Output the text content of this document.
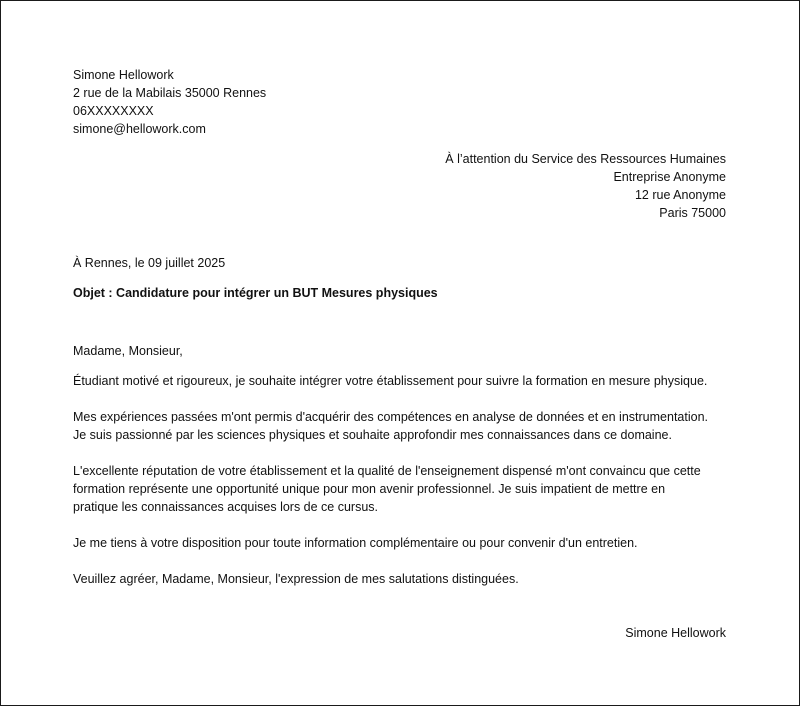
Simone Hellowork
2 rue de la Mabilais 35000 Rennes
06XXXXXXXX
simone@hellowork.com
À l’attention du Service des Ressources Humaines
Entreprise Anonyme
12 rue Anonyme
Paris 75000
À Rennes, le 09 juillet 2025
Objet : Candidature pour intégrer un BUT Mesures physiques
Madame, Monsieur,
Étudiant motivé et rigoureux, je souhaite intégrer votre établissement pour suivre la formation en mesure physique.
Mes expériences passées m'ont permis d'acquérir des compétences en analyse de données et en instrumentation.
Je suis passionné par les sciences physiques et souhaite approfondir mes connaissances dans ce domaine.
L'excellente réputation de votre établissement et la qualité de l'enseignement dispensé m'ont convaincu que cette
formation représente une opportunité unique pour mon avenir professionnel. Je suis impatient de mettre en
pratique les connaissances acquises lors de ce cursus.
Je me tiens à votre disposition pour toute information complémentaire ou pour convenir d'un entretien.
Veuillez agréer, Madame, Monsieur, l'expression de mes salutations distinguées.
Simone Hellowork
